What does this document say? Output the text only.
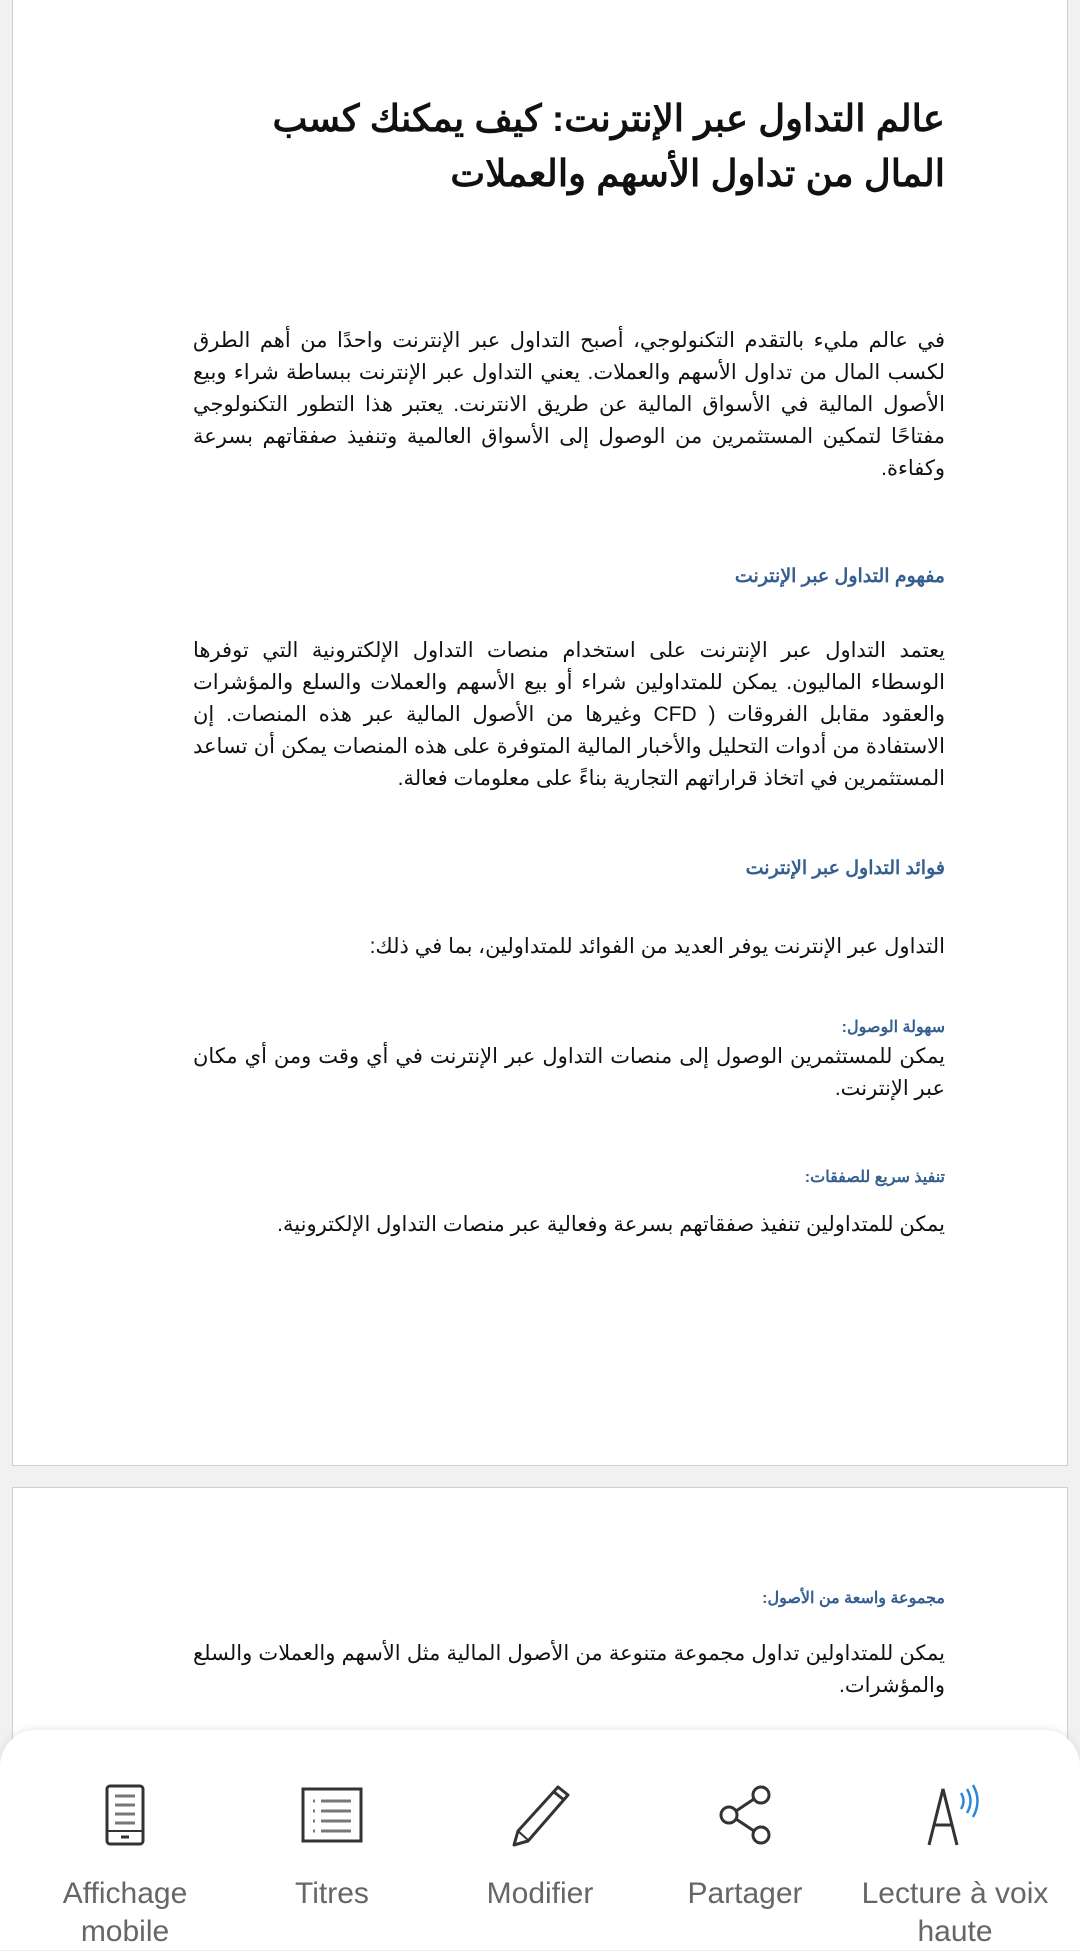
عالم التداول عبر الإنترنت: كيف يمكنك كسب المال من تداول الأسهم والعملات
في عالم مليء بالتقدم التكنولوجي، أصبح التداول عبر الإنترنت واحدًا من أهم الطرق لكسب المال من تداول الأسهم والعملات. يعني التداول عبر الإنترنت ببساطة شراء وبيع الأصول المالية في الأسواق المالية عن طريق الانترنت. يعتبر هذا التطور التكنولوجي مفتاحًا لتمكين المستثمرين من الوصول إلى الأسواق العالمية وتنفيذ صفقاتهم بسرعة وكفاءة.
مفهوم التداول عبر الإنترنت
يعتمد التداول عبر الإنترنت على استخدام منصات التداول الإلكترونية التي توفرها الوسطاء الماليون. يمكن للمتداولين شراء أو بيع الأسهم والعملات والسلع والمؤشرات والعقود مقابل الفروقات ( CFD وغيرها من الأصول المالية عبر هذه المنصات. إن الاستفادة من أدوات التحليل والأخبار المالية المتوفرة على هذه المنصات يمكن أن تساعد المستثمرين في اتخاذ قراراتهم التجارية بناءً على معلومات فعالة.
فوائد التداول عبر الإنترنت
التداول عبر الإنترنت يوفر العديد من الفوائد للمتداولين، بما في ذلك:
سهولة الوصول:
يمكن للمستثمرين الوصول إلى منصات التداول عبر الإنترنت في أي وقت ومن أي مكان عبر الإنترنت.
تنفيذ سريع للصفقات:
يمكن للمتداولين تنفيذ صفقاتهم بسرعة وفعالية عبر منصات التداول الإلكترونية.
مجموعة واسعة من الأصول:
يمكن للمتداولين تداول مجموعة متنوعة من الأصول المالية مثل الأسهم والعملات والسلع والمؤشرات.
Affichage mobile
Titres	Modifier	Partager	Lecture à voix haute
